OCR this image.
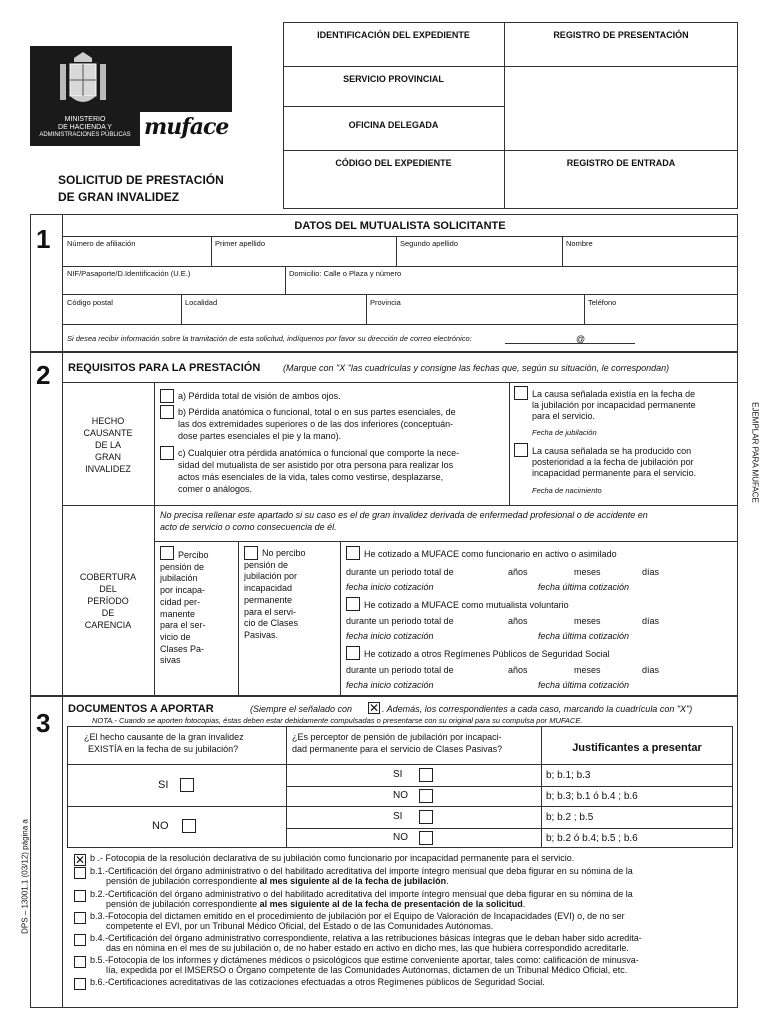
MINISTERIO
DE HACIENDA Y
ADMINISTRACIONES PÚBLICAS muface
SOLICITUD DE PRESTACIÓN
DE GRAN INVALIDEZ
IDENTIFICACIÓN DEL EXPEDIENTE	REGISTRO DE PRESENTACIÓN
SERVICIO PROVINCIAL
OFICINA DELEGADA
CÓDIGO DEL EXPEDIENTE	REGISTRO DE ENTRADA
EJEMPLAR PARA MUFACE
DPS – 13001.1 (03/12) página a
1	DATOS DEL MUTUALISTA SOLICITANTE
Número de afiliación	Primer apellido	Segundo apellido	Nombre
NIF/Pasaporte/D.Identificación (U.E.)	Domicilio: Calle o Plaza y número
Código postal	Localidad	Provincia	Teléfono
Si desea recibir información sobre la tramitación de esta solicitud, indíquenos por favor su dirección de correo electrónico:	@
2 REQUISITOS PARA LA PRESTACIÓN	(Marque con "X "las cuadrículas y consigne las fechas que, según su situación, le correspondan)
HECHO
CAUSANTE
DE LA
GRAN
INVALIDEZ
a) Pérdida total de visión de ambos ojos.
b) Pérdida anatómica o funcional, total o en sus partes esenciales, de
las dos extremidades superiores o de las dos inferiores (conceptuán-
dose partes esenciales el pie y la mano).
c) Cualquier otra pérdida anatómica o funcional que comporte la nece-
sidad del mutualista de ser asistido por otra persona para realizar los
actos más esenciales de la vida, tales como vestirse, desplazarse,
comer o análogos.
La causa señalada existía en la fecha de
la jubilación por incapacidad permanente
para el servicio.
Fecha de jubilación
La causa señalada se ha producido con
posterioridad a la fecha de jubilación por
incapacidad permanente para el servicio.
Fecha de nacimiento
No precisa rellenar este apartado si su caso es el de gran invalidez derivada de enfermedad profesional o de accidente en
acto de servicio o como consecuencia de él.
COBERTURA
DEL
PERÍODO
DE
CARENCIA
Percibo
pensión de
jubilación
por incapa-
cidad per-
manente
para el ser-
vicio de
Clases Pa-
sivas
No percibo
pensión de
jubilación por
incapacidad
permanente
para el servi-
cio de Clases
Pasivas.
He cotizado a MUFACE como funcionario en activo o asimilado
durante un periodo total de	años	meses	días
fecha inicio cotización	fecha última cotización
He cotizado a MUFACE como mutualista voluntario
durante un periodo total de	años	meses	días
fecha inicio cotización	fecha última cotización
He cotizado a otros Regímenes Públicos de Seguridad Social
durante un periodo total de	años	meses	días
fecha inicio cotización	fecha última cotización
3 DOCUMENTOS A APORTAR	(Siempre el señalado con
✕	. Además, los correspondientes a cada caso, marcando la cuadrícula con "X")
NOTA.- Cuando se aporten fotocopias, éstas deben estar debidamente compulsadas o presentarse con su original para su compulsa por MUFACE.
¿El hecho causante de la gran invalidez
EXISTÍA en la fecha de su jubilación?
¿Es perceptor de pensión de jubilación por incapaci-
dad permanente para el servicio de Clases Pasivas?	Justificantes a presentar
SI
NO
SI
NO
SI
NO
b; b.1; b.3
b; b.3; b.1 ó b.4 ; b.6
b; b.2 ; b.5
b; b.2 ó b.4; b.5 ; b.6
✕
b .- Fotocopia de la resolución declarativa de su jubilación como funcionario por incapacidad permanente para el servicio.
b.1.-Certificación del órgano administrativo o del habilitado acreditativa del importe íntegro mensual que deba figurar en su nómina de la
pensión de jubilación correspondiente al mes siguiente al de la fecha de jubilación.
b.2.-Certificación del órgano administrativo o del habilitado acreditativa del importe íntegro mensual que deba figurar en su nómina de la
pensión de jubilación correspondiente al mes siguiente al de la fecha de presentación de la solicitud.
b.3.-Fotocopia del dictamen emitido en el procedimiento de jubilación por el Equipo de Valoración de Incapacidades (EVI) o, de no ser
competente el EVI, por un Tribunal Médico Oficial, del Estado o de las Comunidades Autónomas.
b.4.-Certificación del órgano administrativo correspondiente, relativa a las retribuciones básicas íntegras que le deban haber sido acredita-
das en nómina en el mes de su jubilación o, de no haber estado en activo en dicho mes, las que hubiera correspondido acreditarle.
b.5.-Fotocopia de los informes y dictámenes médicos o psicológicos que estime conveniente aportar, tales como: calificación de minusva-
lía, expedida por el IMSERSO o Órgano competente de las Comunidades Autónomas, dictamen de un Tribunal Médico Oficial, etc.
b.6.-Certificaciones acreditativas de las cotizaciones efectuadas a otros Regímenes públicos de Seguridad Social.
